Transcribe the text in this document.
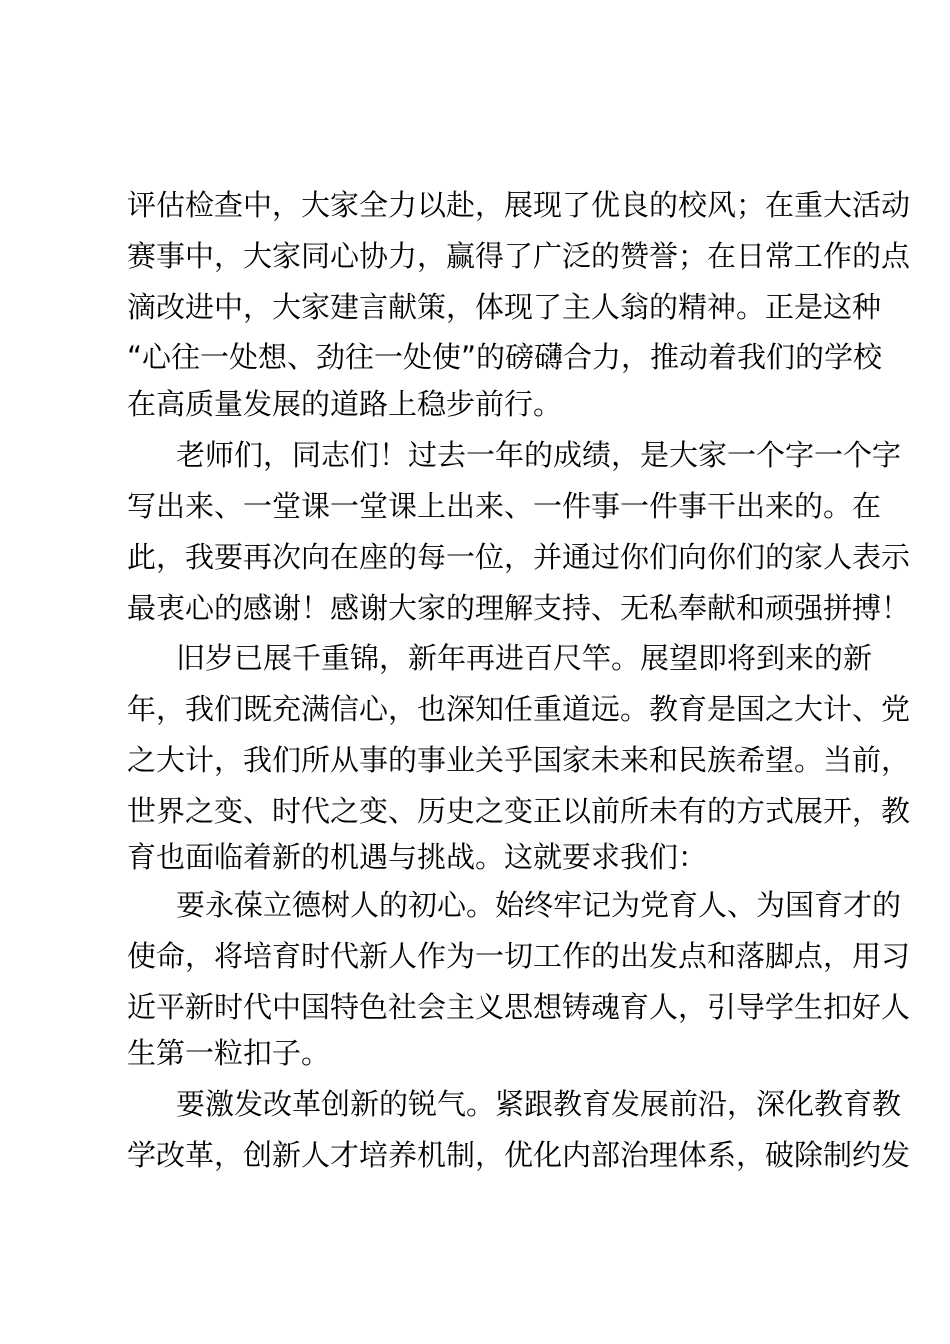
评估检查中，大家全力以赴，展现了优良的校风；在重大活动
赛事中，大家同心协力，赢得了广泛的赞誉；在日常工作的点
滴改进中，大家建言献策，体现了主人翁的精神。正是这种
“心往一处想、劲往一处使”的磅礴合力，推动着我们的学校
在高质量发展的道路上稳步前行。
老师们，同志们！过去一年的成绩，是大家一个字一个字
写出来、一堂课一堂课上出来、一件事一件事干出来的。在
此，我要再次向在座的每一位，并通过你们向你们的家人表示
最衷心的感谢！感谢大家的理解支持、无私奉献和顽强拼搏！
旧岁已展千重锦，新年再进百尺竿。展望即将到来的新
年，我们既充满信心，也深知任重道远。教育是国之大计、党
之大计，我们所从事的事业关乎国家未来和民族希望。当前，
世界之变、时代之变、历史之变正以前所未有的方式展开，教
育也面临着新的机遇与挑战。这就要求我们：
要永葆立德树人的初心。始终牢记为党育人、为国育才的
使命，将培育时代新人作为一切工作的出发点和落脚点，用习
近平新时代中国特色社会主义思想铸魂育人，引导学生扣好人
生第一粒扣子。
要激发改革创新的锐气。紧跟教育发展前沿，深化教育教
学改革，创新人才培养机制，优化内部治理体系，破除制约发
